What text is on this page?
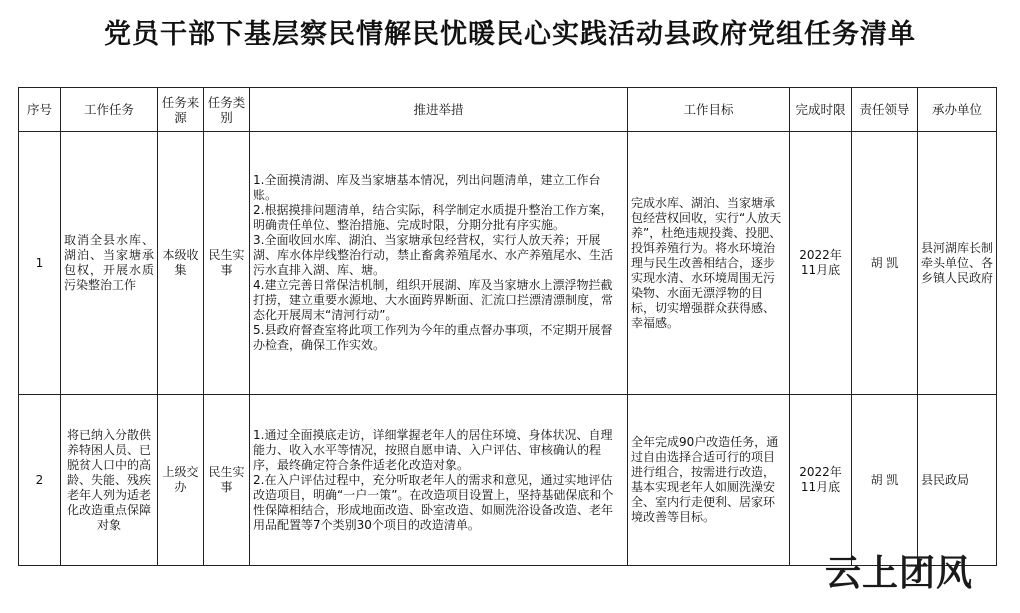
党员干部下基层察民情解民忧暖民心实践活动县政府党组任务清单
序号	工作任务	任务来源	任务类别	推进举措	工作目标	完成时限	责任领导	承办单位
1	取消全县水库、湖泊、当家塘承包权，开展水质污染整治工作	本级收集	民生实事	1.全面摸清湖、库及当家塘基本情况，列出问题清单，建立工作台账。
2.根据摸排问题清单，结合实际，科学制定水质提升整治工作方案，明确责任单位、整治措施、完成时限，分期分批有序实施。
3.全面收回水库、湖泊、当家塘承包经营权，实行人放天养；开展湖、库水体岸线整治行动，禁止畜禽养殖尾水、水产养殖尾水、生活污水直排入湖、库、塘。
4.建立完善日常保洁机制，组织开展湖、库及当家塘水上漂浮物拦截打捞，建立重要水源地、大水面跨界断面、汇流口拦漂清漂制度，常态化开展周末“清河行动”。
5.县政府督查室将此项工作列为今年的重点督办事项，不定期开展督办检查，确保工作实效。	完成水库、湖泊、当家塘承包经营权回收，实行“人放天养”，杜绝违规投粪、投肥、投饵养殖行为。将水环境治理与民生改善相结合，逐步实现水清、水环境周围无污染物、水面无漂浮物的目标，切实增强群众获得感、幸福感。	2022年11月底	胡 凯	县河湖库长制牵头单位、各乡镇人民政府
2	将已纳入分散供养特困人员、已脱贫人口中的高龄、失能、残疾老年人列为适老化改造重点保障对象	上级交办	民生实事	1.通过全面摸底走访，详细掌握老年人的居住环境、身体状况、自理能力、收入水平等情况，按照自愿申请、入户评估、审核确认的程序，最终确定符合条件适老化改造对象。
2.在入户评估过程中，充分听取老年人的需求和意见，通过实地评估改造项目，明确“一户一策”。在改造项目设置上，坚持基础保底和个性保障相结合，形成地面改造、卧室改造、如厕洗浴设备改造、老年用品配置等7个类别30个项目的改造清单。	全年完成90户改造任务，通过自由选择合适可行的项目进行组合，按需进行改造，基本实现老年人如厕洗澡安全、室内行走便利、居家环境改善等目标。	2022年11月底	胡 凯	县民政局
云上团风
